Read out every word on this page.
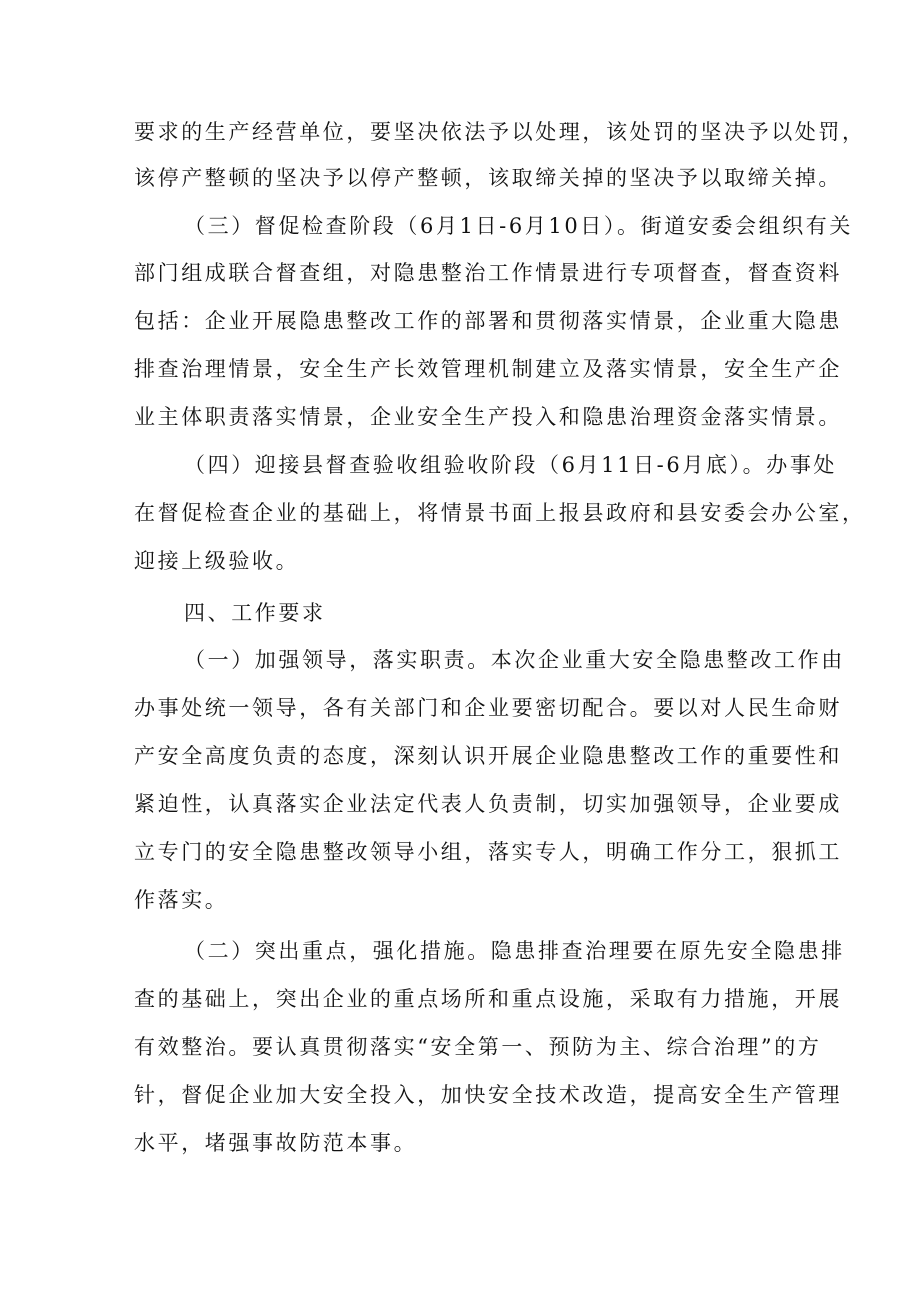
要求的生产经营单位，要坚决依法予以处理，该处罚的坚决予以处罚，
该停产整顿的坚决予以停产整顿，该取缔关掉的坚决予以取缔关掉。
（三）督促检查阶段（6月1日-6月10日）。街道安委会组织有关
部门组成联合督查组，对隐患整治工作情景进行专项督查，督查资料
包括：企业开展隐患整改工作的部署和贯彻落实情景，企业重大隐患
排查治理情景，安全生产长效管理机制建立及落实情景，安全生产企
业主体职责落实情景，企业安全生产投入和隐患治理资金落实情景。
（四）迎接县督查验收组验收阶段（6月11日-6月底）。办事处
在督促检查企业的基础上，将情景书面上报县政府和县安委会办公室，
迎接上级验收。
四、工作要求
（一）加强领导，落实职责。本次企业重大安全隐患整改工作由
办事处统一领导，各有关部门和企业要密切配合。要以对人民生命财
产安全高度负责的态度，深刻认识开展企业隐患整改工作的重要性和
紧迫性，认真落实企业法定代表人负责制，切实加强领导，企业要成
立专门的安全隐患整改领导小组，落实专人，明确工作分工，狠抓工
作落实。
（二）突出重点，强化措施。隐患排查治理要在原先安全隐患排
查的基础上，突出企业的重点场所和重点设施，采取有力措施，开展
有效整治。要认真贯彻落实“安全第一、预防为主、综合治理”的方
针，督促企业加大安全投入，加快安全技术改造，提高安全生产管理
水平，堵强事故防范本事。
